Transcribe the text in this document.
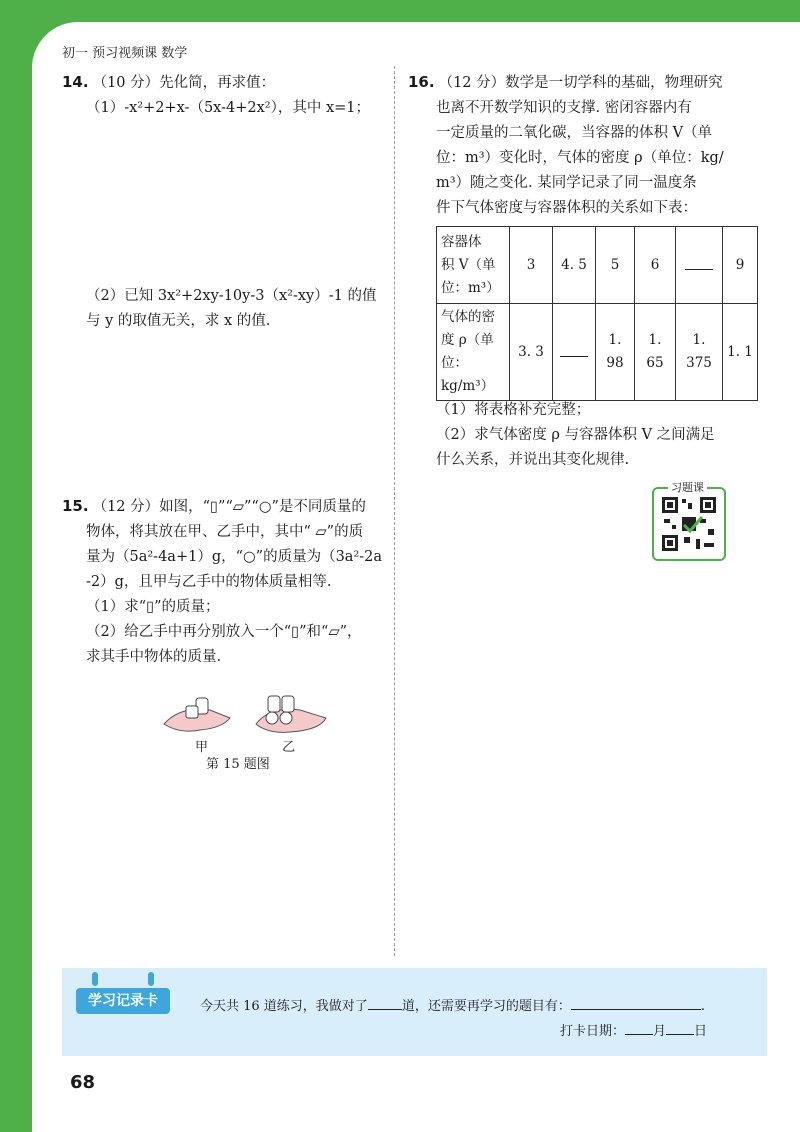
初一 预习视频课 数学
14. （10 分）先化简，再求值：
（1）-x²+2+x-（5x-4+2x²），其中 x=1；
（2）已知 3x²+2xy-10y-3（x²-xy）-1 的值
与 y 的取值无关，求 x 的值.
15. （12 分）如图，“▯”“▱”“○”是不同质量的
物体，将其放在甲、乙手中，其中“ ▱”的质
量为（5a²-4a+1）g，“○”的质量为（3a²-2a
-2）g，且甲与乙手中的物体质量相等.
（1）求“▯”的质量；
（2）给乙手中再分别放入一个“▯”和“▱”，
求其手中物体的质量.
甲	乙
第 15 题图
16. （12 分）数学是一切学科的基础，物理研究
也离不开数学知识的支撑. 密闭容器内有
一定质量的二氧化碳，当容器的体积 V（单
位：m³）变化时，气体的密度 ρ（单位：kg/
m³）随之变化. 某同学记录了同一温度条
件下气体密度与容器体积的关系如下表：
容器体
积 V（单
位：m³）	3	4. 5	5	6		9

气体的密
度 ρ（单
位：kg/m³）	3. 3		1. 98	1. 65	1. 375	1. 1
（1）将表格补充完整；
（2）求气体密度 ρ 与容器体积 V 之间满足
什么关系，并说出其变化规律.
习题课
学习记录卡	今天共 16 道练习，我做对了	道，还需要再学习的题目有：	.
打卡日期： 月 日
68
